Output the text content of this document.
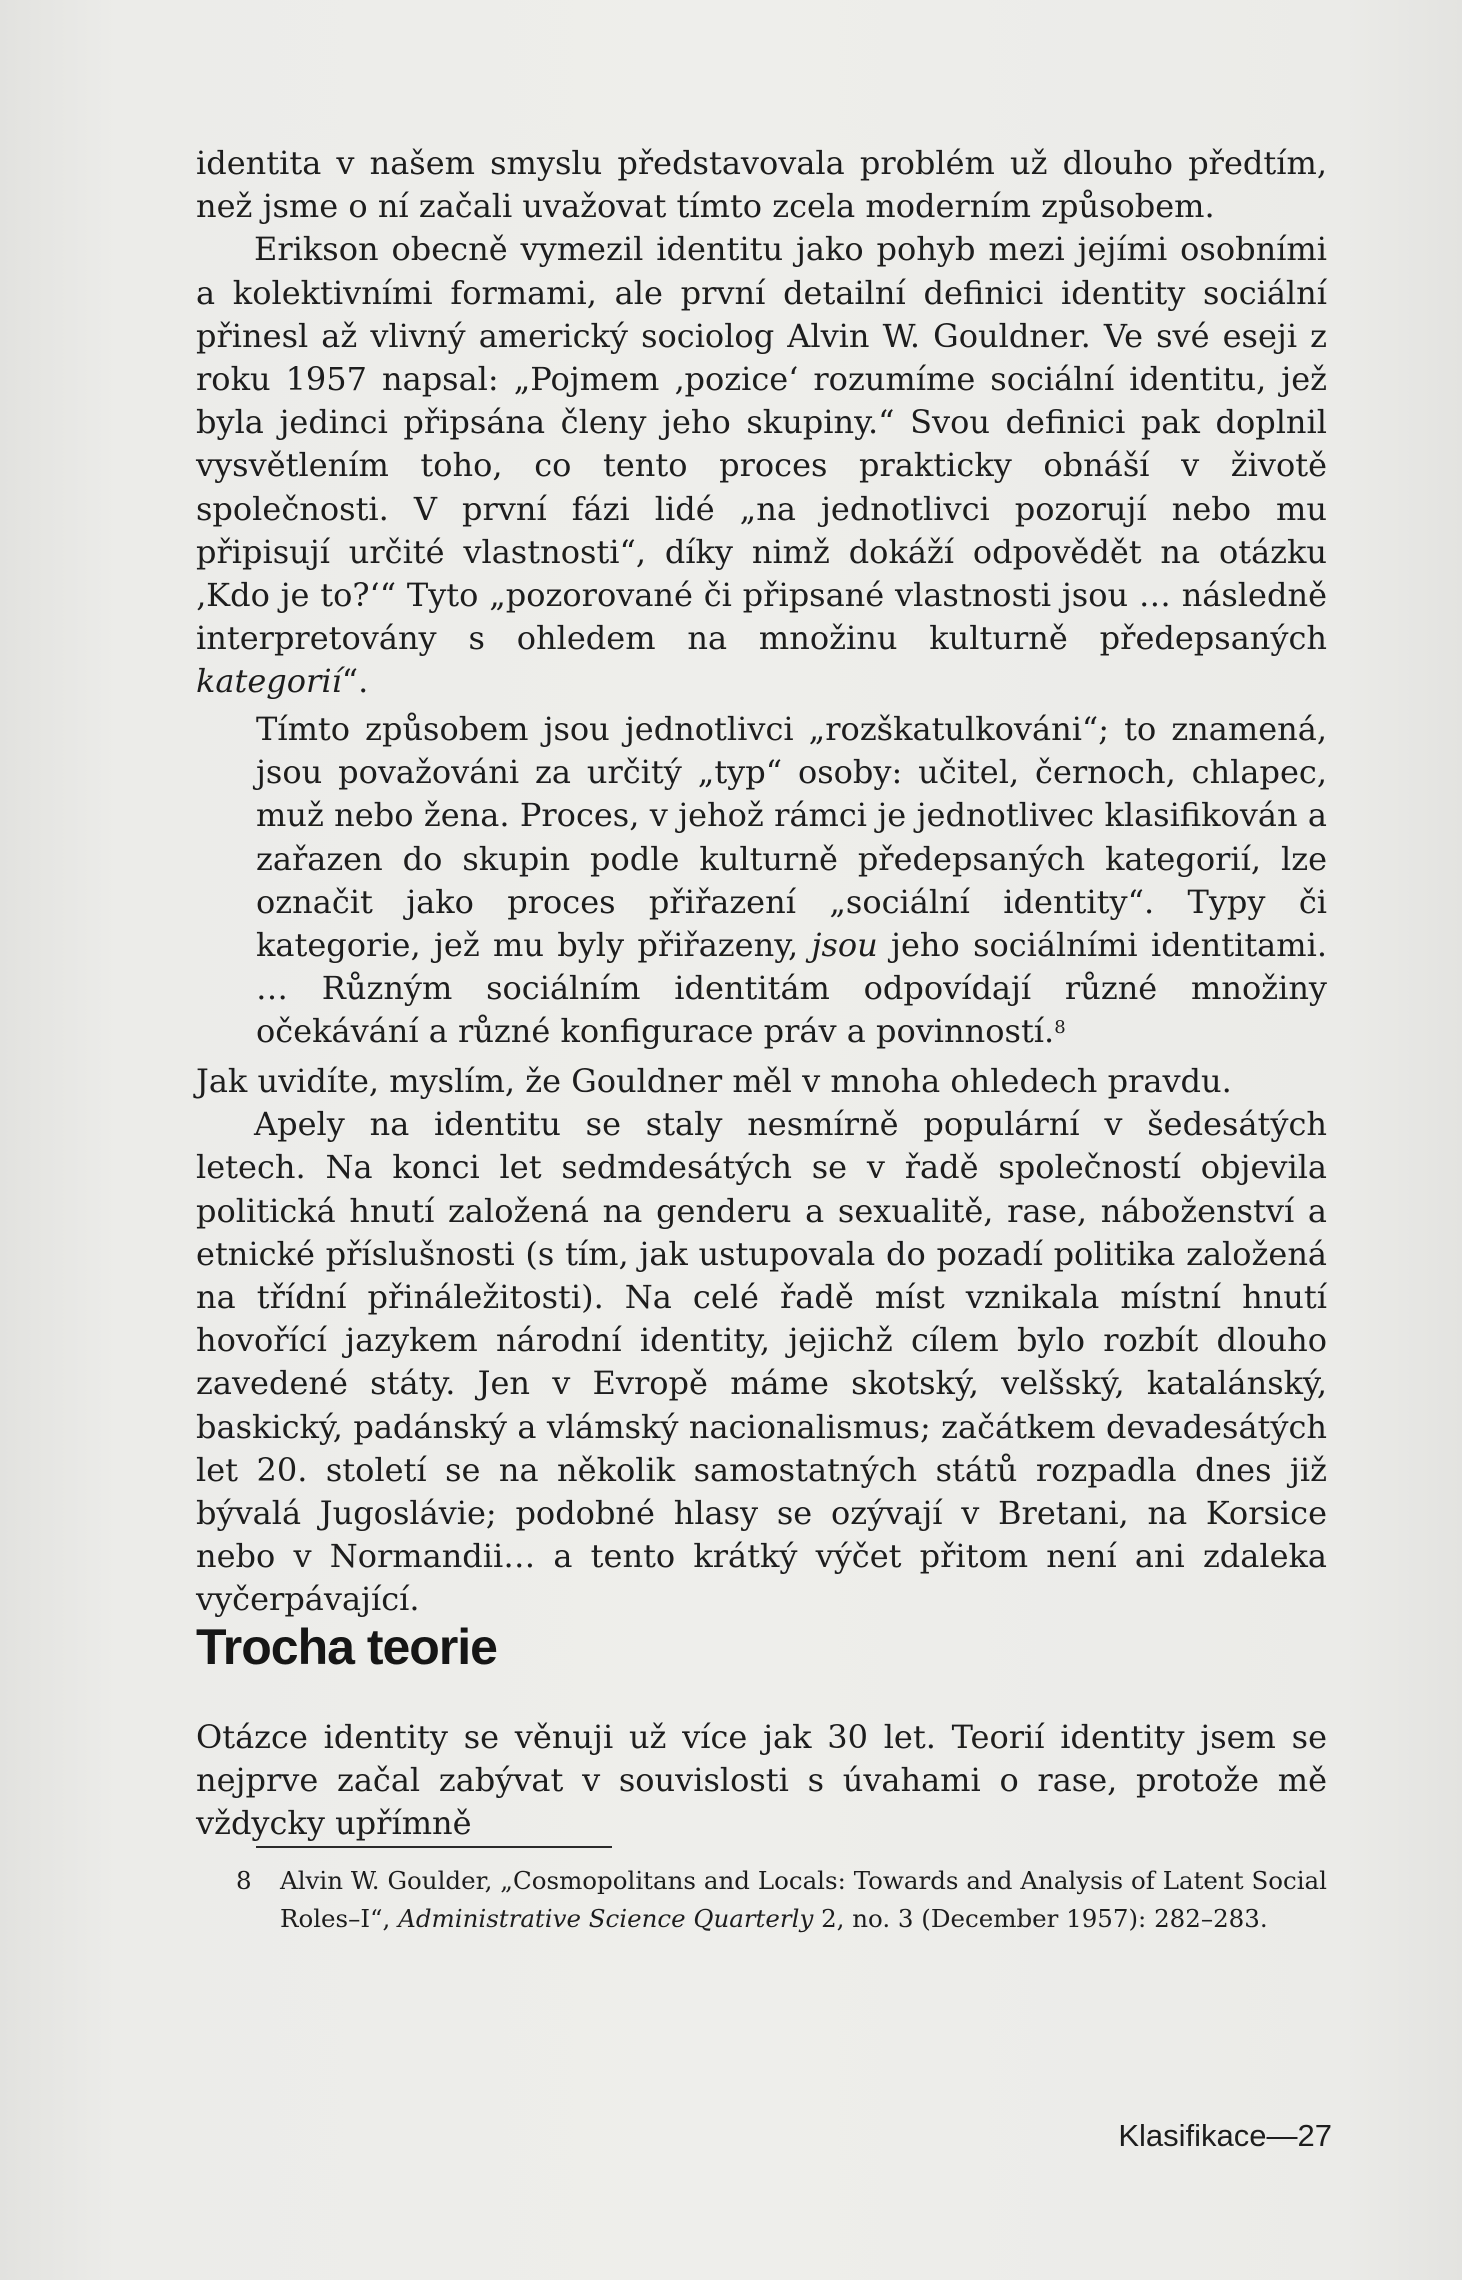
identita v našem smyslu představovala problém už dlouho předtím, než jsme o ní začali uvažovat tímto zcela moderním způsobem.

Erikson obecně vymezil identitu jako pohyb mezi jejími osobními a kolektivními formami, ale první detailní definici identity sociální přinesl až vlivný americký sociolog Alvin W. Gouldner. Ve své eseji z roku 1957 napsal: „Pojmem ‚pozice‘ rozumíme sociální identitu, jež byla jedinci připsána členy jeho skupiny.“ Svou definici pak doplnil vysvětlením toho, co tento proces prakticky obnáší v životě společnosti. V první fázi lidé „na jednotlivci pozorují nebo mu připisují určité vlastnosti“, díky nimž dokáží odpovědět na otázku ‚Kdo je to?‘“ Tyto „pozorované či připsané vlastnosti jsou … následně interpretovány s ohledem na množinu kulturně předepsaných kategorií“.

Tímto způsobem jsou jednotlivci „rozškatulkováni“; to znamená, jsou považováni za určitý „typ“ osoby: učitel, černoch, chlapec, muž nebo žena. Proces, v jehož rámci je jednotlivec klasifikován a zařazen do skupin podle kulturně předepsaných kategorií, lze označit jako proces přiřazení „sociální identity“. Typy či kategorie, jež mu byly přiřazeny, jsou jeho sociálními identitami. … Různým sociálním identitám odpovídají různé množiny očekávání a různé konfigurace práv a povinností.$^8$

Jak uvidíte, myslím, že Gouldner měl v mnoha ohledech pravdu.

Apely na identitu se staly nesmírně populární v šedesátých letech. Na konci let sedmdesátých se v řadě společností objevila politická hnutí založená na genderu a sexualitě, rase, náboženství a etnické příslušnosti (s tím, jak ustupovala do pozadí politika založená na třídní přináležitosti). Na celé řadě míst vznikala místní hnutí hovořící jazykem národní identity, jejichž cílem bylo rozbít dlouho zavedené státy. Jen v Evropě máme skotský, velšský, katalánský, baskický, padánský a vlámský nacionalismus; začátkem devadesátých let 20. století se na několik samostatných států rozpadla dnes již bývalá Jugoslávie; podobné hlasy se ozývají v Bretani, na Korsice nebo v Normandii… a tento krátký výčet přitom není ani zdaleka vyčerpávající.

Trocha teorie

Otázce identity se věnuji už více jak 30 let. Teorií identity jsem se nejprve začal zabývat v souvislosti s úvahami o rase, protože mě vždycky upřímně

8 Alvin W. Goulder, „Cosmopolitans and Locals: Towards and Analysis of Latent Social Roles–I“, Administrative Science Quarterly 2, no. 3 (December 1957): 282–283.

Klasifikace—27
